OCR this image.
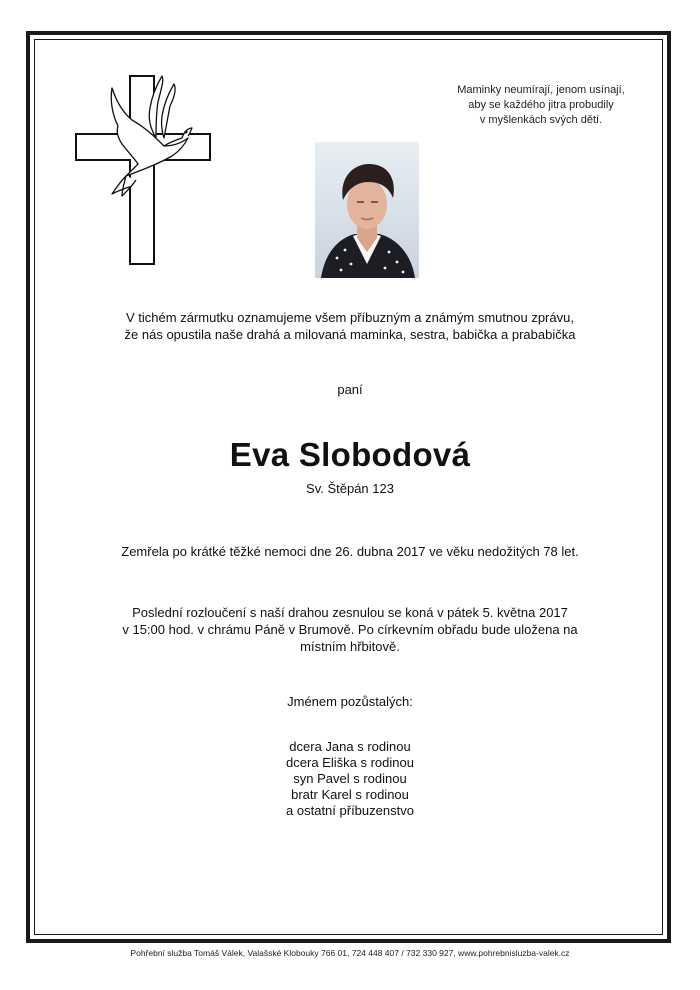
Maminky neumírají, jenom usínají,
aby se každého jitra probudily
v myšlenkách svých dětí.
V tichém zármutku oznamujeme všem příbuzným a známým smutnou zprávu,
že nás opustila naše drahá a milovaná maminka, sestra, babička a prababička
paní
Eva Slobodová
Sv. Štěpán 123
Zemřela po krátké těžké nemoci dne 26. dubna 2017 ve věku nedožitých 78 let.
Poslední rozloučení s naší drahou zesnulou se koná v pátek 5. května 2017
v 15:00 hod. v chrámu Páně v Brumově. Po církevním obřadu bude uložena na
místním hřbitově.
Jménem pozůstalých:
dcera Jana s rodinou
dcera Eliška s rodinou
syn Pavel s rodinou
bratr Karel s rodinou
a ostatní příbuzenstvo
Pohřební služba Tomáš Válek, Valašské Klobouky 766 01, 724 448 407 / 732 330 927, www.pohrebnisluzba-valek.cz
